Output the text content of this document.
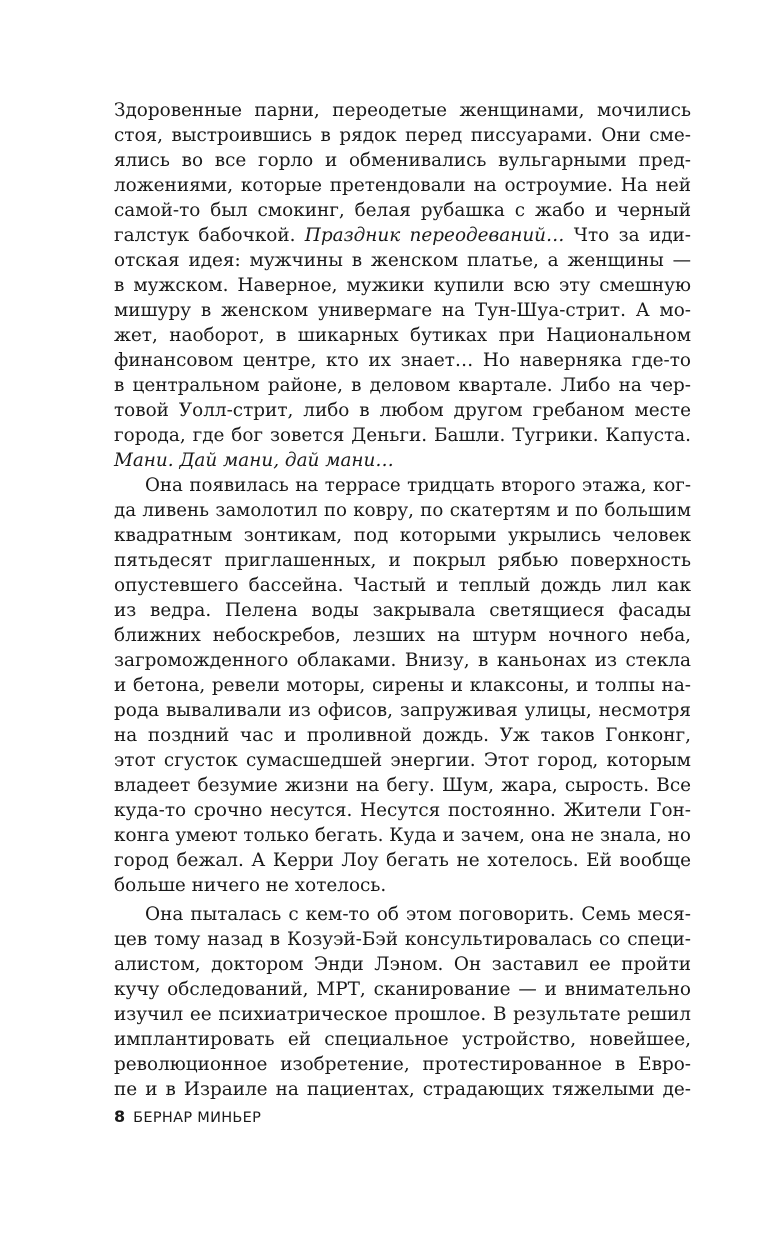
Здоровенные парни, переодетые женщинами, мочились
стоя, выстроившись в рядок перед писсуарами. Они сме-
ялись во все горло и обменивались вульгарными пред-
ложениями, которые претендовали на остроумие. На ней
самой-то был смокинг, белая рубашка с жабо и черный
галстук бабочкой. Праздник переодеваний… Что за иди-
отская идея: мужчины в женском платье, а женщины —
в мужском. Наверное, мужики купили всю эту смешную
мишуру в женском универмаге на Тун-Шуа-стрит. А мо-
жет, наоборот, в шикарных бутиках при Национальном
финансовом центре, кто их знает… Но наверняка где-то
в центральном районе, в деловом квартале. Либо на чер-
товой Уолл-стрит, либо в любом другом гребаном месте
города, где бог зовется Деньги. Башли. Тугрики. Капуста.
Мани. Дай мани, дай мани…
Она появилась на террасе тридцать второго этажа, ког-
да ливень замолотил по ковру, по скатертям и по большим
квадратным зонтикам, под которыми укрылись человек
пятьдесят приглашенных, и покрыл рябью поверхность
опустевшего бассейна. Частый и теплый дождь лил как
из ведра. Пелена воды закрывала светящиеся фасады
ближних небоскребов, лезших на штурм ночного неба,
загроможденного облаками. Внизу, в каньонах из стекла
и бетона, ревели моторы, сирены и клаксоны, и толпы на-
рода вываливали из офисов, запруживая улицы, несмотря
на поздний час и проливной дождь. Уж таков Гонконг,
этот сгусток сумасшедшей энергии. Этот город, которым
владеет безумие жизни на бегу. Шум, жара, сырость. Все
куда-то срочно несутся. Несутся постоянно. Жители Гон-
конга умеют только бегать. Куда и зачем, она не знала, но
город бежал. А Керри Лоу бегать не хотелось. Ей вообще
больше ничего не хотелось.
Она пыталась с кем-то об этом поговорить. Семь меся-
цев тому назад в Козуэй-Бэй консультировалась со специ-
алистом, доктором Энди Лэном. Он заставил ее пройти
кучу обследований, МРТ, сканирование — и внимательно
изучил ее психиатрическое прошлое. В результате решил
имплантировать ей специальное устройство, новейшее,
революционное изобретение, протестированное в Евро-
пе и в Израиле на пациентах, страдающих тяжелыми де-
8 БЕРНАР МИНЬЕР
